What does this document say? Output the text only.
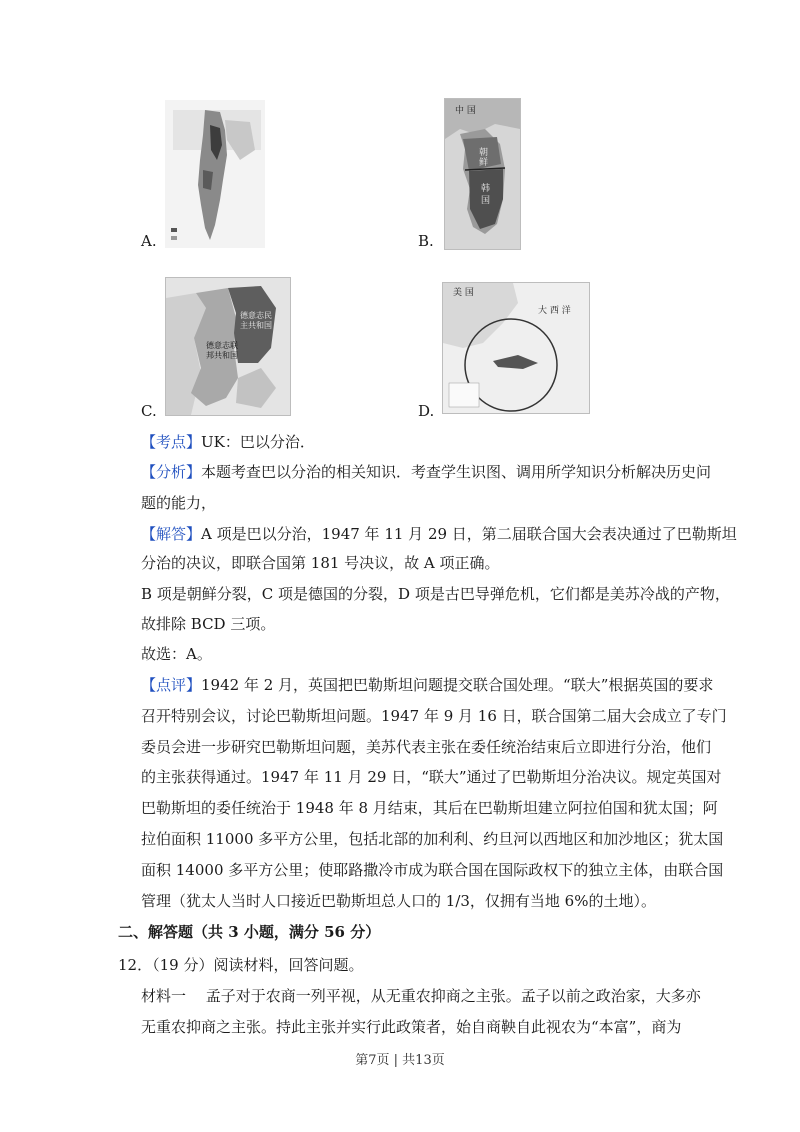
A.	B.
中 国
朝
鲜
韩
国
C.
德意志联
邦共和国
德意志民
主共和国
D.
美 国
大 西 洋
【考点】UK：巴以分治．
【分析】本题考查巴以分治的相关知识．考查学生识图、调用所学知识分析解决历史问
题的能力，
【解答】A 项是巴以分治，1947 年 11 月 29 日，第二届联合国大会表决通过了巴勒斯坦
分治的决议，即联合国第 181 号决议，故 A 项正确。
B 项是朝鲜分裂，C 项是德国的分裂，D 项是古巴导弹危机，它们都是美苏冷战的产物，
故排除 BCD 三项。
故选：A。
【点评】1942 年 2 月，英国把巴勒斯坦问题提交联合国处理。“联大”根据英国的要求
召开特别会议，讨论巴勒斯坦问题。1947 年 9 月 16 日，联合国第二届大会成立了专门
委员会进一步研究巴勒斯坦问题，美苏代表主张在委任统治结束后立即进行分治，他们
的主张获得通过。1947 年 11 月 29 日，“联大”通过了巴勒斯坦分治决议。规定英国对
巴勒斯坦的委任统治于 1948 年 8 月结束，其后在巴勒斯坦建立阿拉伯国和犹太国；阿
拉伯面积 11000 多平方公里，包括北部的加利利、约旦河以西地区和加沙地区；犹太国
面积 14000 多平方公里；使耶路撒冷市成为联合国在国际政权下的独立主体，由联合国
管理（犹太人当时人口接近巴勒斯坦总人口的 1/3，仅拥有当地 6%的土地）。
二、解答题（共 3 小题，满分 56 分）
12．（19 分）阅读材料，回答问题。
材料一　 孟子对于农商一列平视，从无重农抑商之主张。孟子以前之政治家，大多亦
无重农抑商之主张。持此主张并实行此政策者，始自商鞅自此视农为“本富”，商为
第7页 | 共13页
